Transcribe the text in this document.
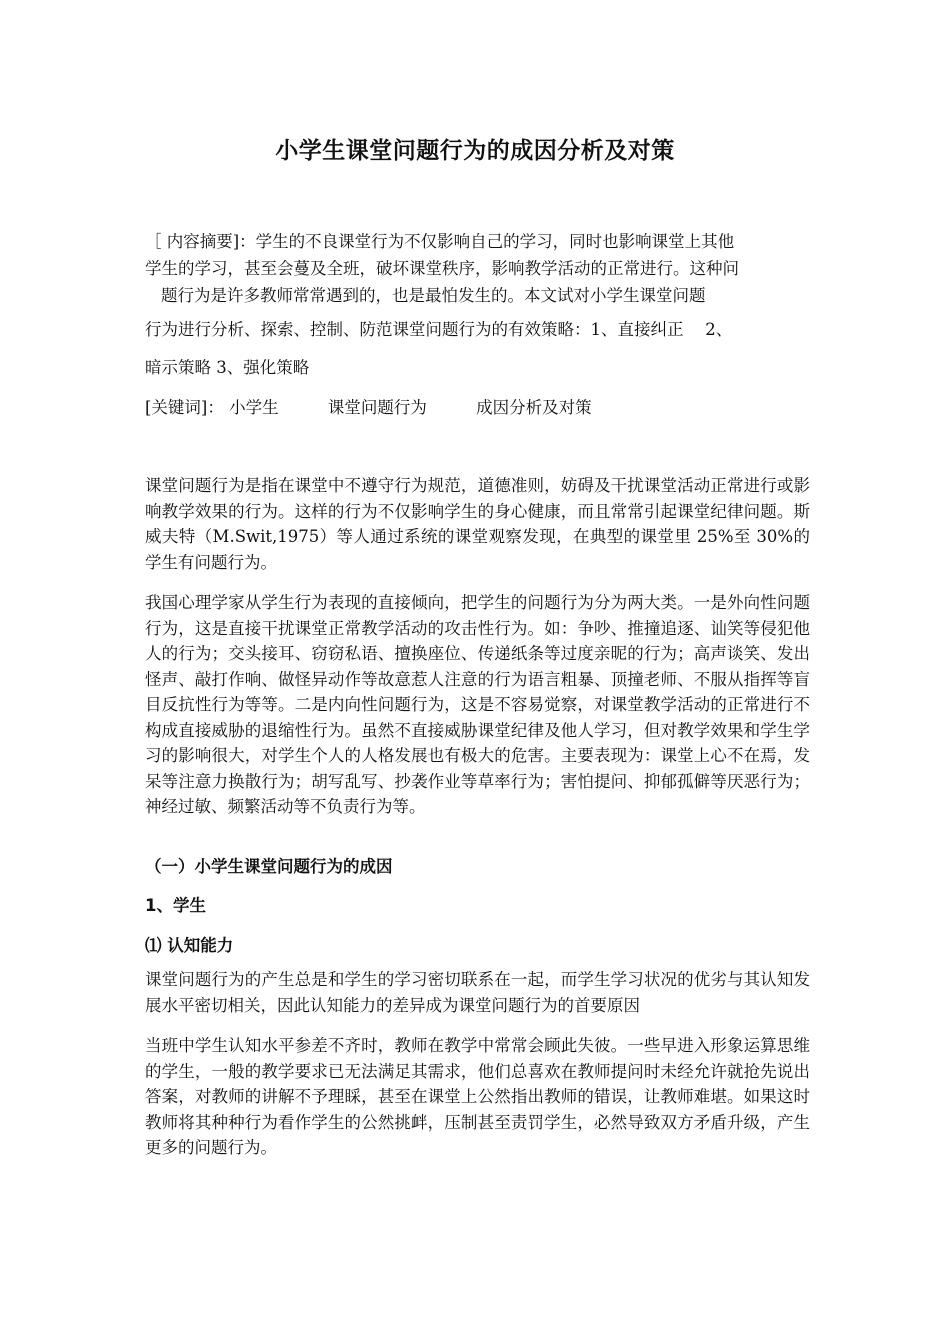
小学生课堂问题行为的成因分析及对策
［ 内容摘要]：学生的不良课堂行为不仅影响自己的学习，同时也影响课堂上其他
学生的学习，甚至会蔓及全班，破坏课堂秩序，影响教学活动的正常进行。这种问
题行为是许多教师常常遇到的，也是最怕发生的。本文试对小学生课堂问题
行为进行分析、探索、控制、防范课堂问题行为的有效策略：1、直接纠正　 2、
暗示策略 3、强化策略
[关键词]： 小学生	课堂问题行为	成因分析及对策
课堂问题行为是指在课堂中不遵守行为规范，道德准则，妨碍及干扰课堂活动正常进行或影响教学效果的行为。这样的行为不仅影响学生的身心健康，而且常常引起课堂纪律问题。斯威夫特（M.Swit,1975）等人通过系统的课堂观察发现，在典型的课堂里 25%至 30%的学生有问题行为。
我国心理学家从学生行为表现的直接倾向，把学生的问题行为分为两大类。一是外向性问题行为，这是直接干扰课堂正常教学活动的攻击性行为。如：争吵、推撞追逐、讪笑等侵犯他人的行为；交头接耳、窃窃私语、擅换座位、传递纸条等过度亲昵的行为；高声谈笑、发出怪声、敲打作响、做怪异动作等故意惹人注意的行为语言粗暴、顶撞老师、不服从指挥等盲目反抗性行为等等。二是内向性问题行为，这是不容易觉察，对课堂教学活动的正常进行不构成直接威胁的退缩性行为。虽然不直接威胁课堂纪律及他人学习，但对教学效果和学生学习的影响很大，对学生个人的人格发展也有极大的危害。主要表现为：课堂上心不在焉，发呆等注意力换散行为；胡写乱写、抄袭作业等草率行为；害怕提问、抑郁孤僻等厌恶行为；神经过敏、频繁活动等不负责行为等。
（一）小学生课堂问题行为的成因
1、学生
⑴ 认知能力
课堂问题行为的产生总是和学生的学习密切联系在一起，而学生学习状况的优劣与其认知发展水平密切相关，因此认知能力的差异成为课堂问题行为的首要原因
当班中学生认知水平参差不齐时，教师在教学中常常会顾此失彼。一些早进入形象运算思维的学生，一般的教学要求已无法满足其需求，他们总喜欢在教师提问时未经允许就抢先说出答案，对教师的讲解不予理睬，甚至在课堂上公然指出教师的错误，让教师难堪。如果这时教师将其种种行为看作学生的公然挑衅，压制甚至责罚学生，必然导致双方矛盾升级，产生更多的问题行为。
